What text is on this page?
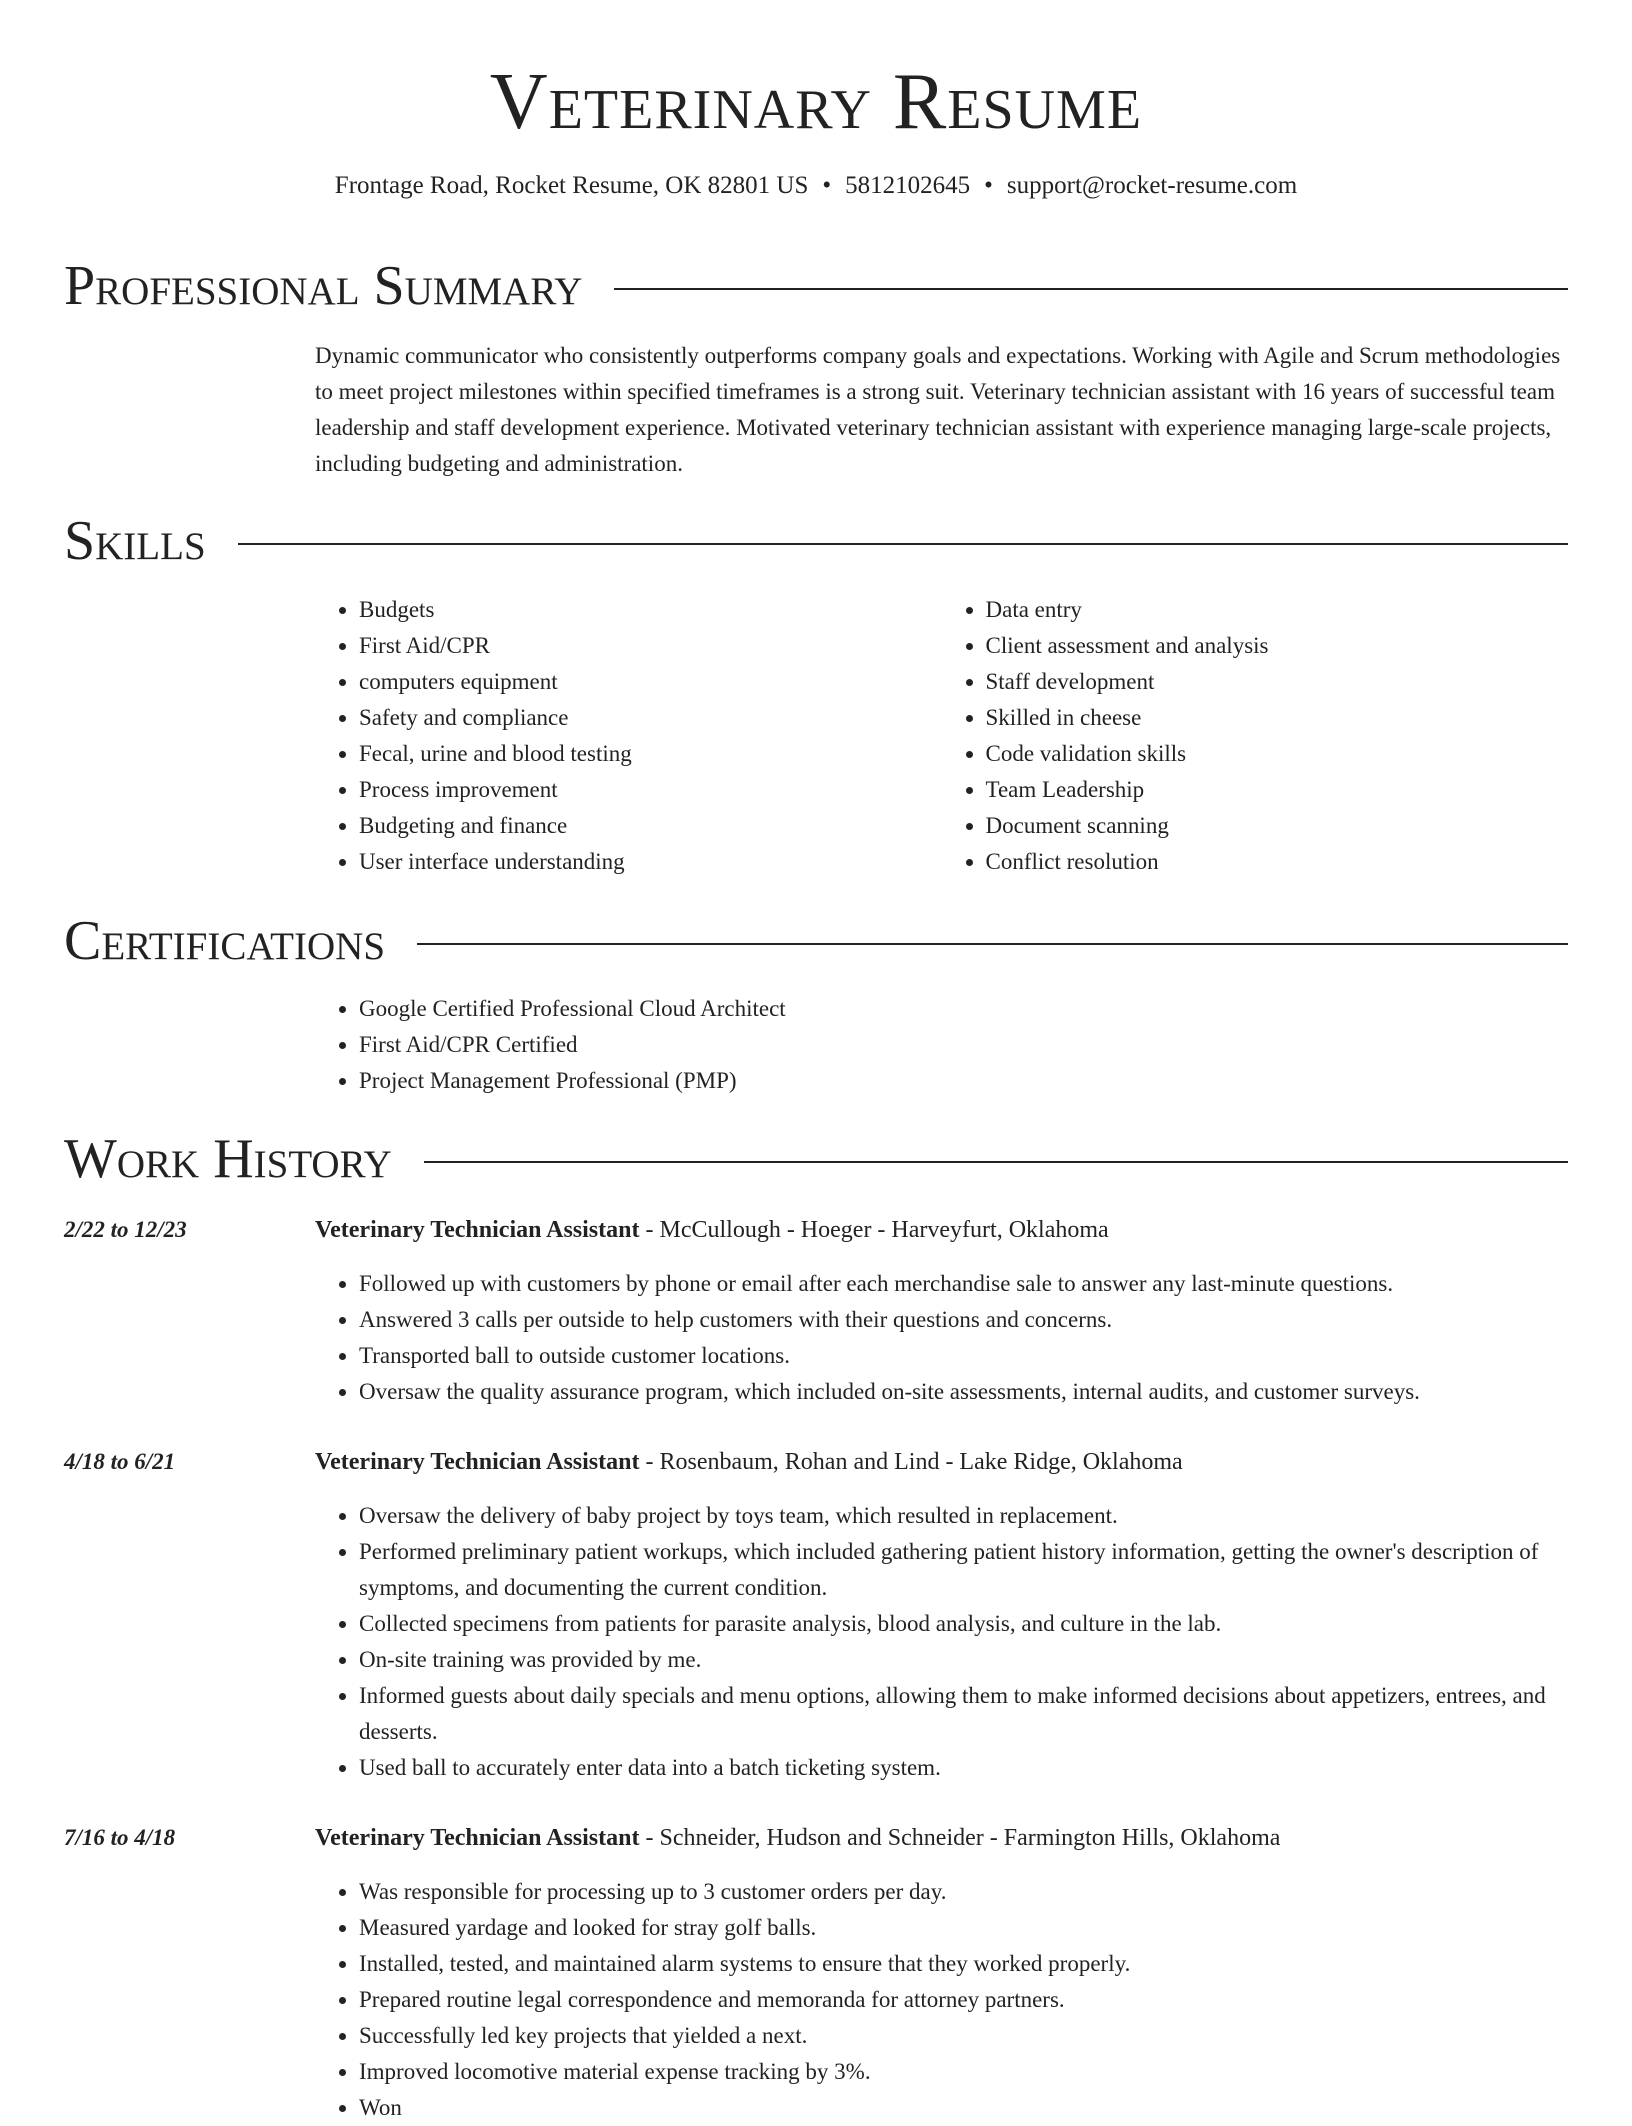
Veterinary Resume
Frontage Road, Rocket Resume, OK 82801 US • 5812102645 • support@rocket-resume.com
Professional Summary

Dynamic communicator who consistently outperforms company goals and expectations. Working with Agile and Scrum methodologies to meet project milestones within specified timeframes is a strong suit. Veterinary technician assistant with 16 years of successful team leadership and staff development experience. Motivated veterinary technician assistant with experience managing large-scale projects, including budgeting and administration.

Skills
• Budgets
• First Aid/CPR
• computers equipment
• Safety and compliance
• Fecal, urine and blood testing
• Process improvement
• Budgeting and finance
• User interface understanding
• Data entry
• Client assessment and analysis
• Staff development
• Skilled in cheese
• Code validation skills
• Team Leadership
• Document scanning
• Conflict resolution
Certifications
• Google Certified Professional Cloud Architect
• First Aid/CPR Certified
• Project Management Professional (PMP)
Work History
2/22 to 12/23	Veterinary Technician Assistant - McCullough - Hoeger - Harveyfurt, Oklahoma
• Followed up with customers by phone or email after each merchandise sale to answer any last-minute questions.
• Answered 3 calls per outside to help customers with their questions and concerns.
• Transported ball to outside customer locations.
• Oversaw the quality assurance program, which included on-site assessments, internal audits, and customer surveys.
4/18 to 6/21	Veterinary Technician Assistant - Rosenbaum, Rohan and Lind - Lake Ridge, Oklahoma
• Oversaw the delivery of baby project by toys team, which resulted in replacement.
• Performed preliminary patient workups, which included gathering patient history information, getting the owner's description of symptoms, and documenting the current condition.
• Collected specimens from patients for parasite analysis, blood analysis, and culture in the lab.
• On-site training was provided by me.
• Informed guests about daily specials and menu options, allowing them to make informed decisions about appetizers, entrees, and desserts.
• Used ball to accurately enter data into a batch ticketing system.
7/16 to 4/18	Veterinary Technician Assistant - Schneider, Hudson and Schneider - Farmington Hills, Oklahoma
• Was responsible for processing up to 3 customer orders per day.
• Measured yardage and looked for stray golf balls.
• Installed, tested, and maintained alarm systems to ensure that they worked properly.
• Prepared routine legal correspondence and memoranda for attorney partners.
• Successfully led key projects that yielded a next.
• Improved locomotive material expense tracking by 3%.
• Won
